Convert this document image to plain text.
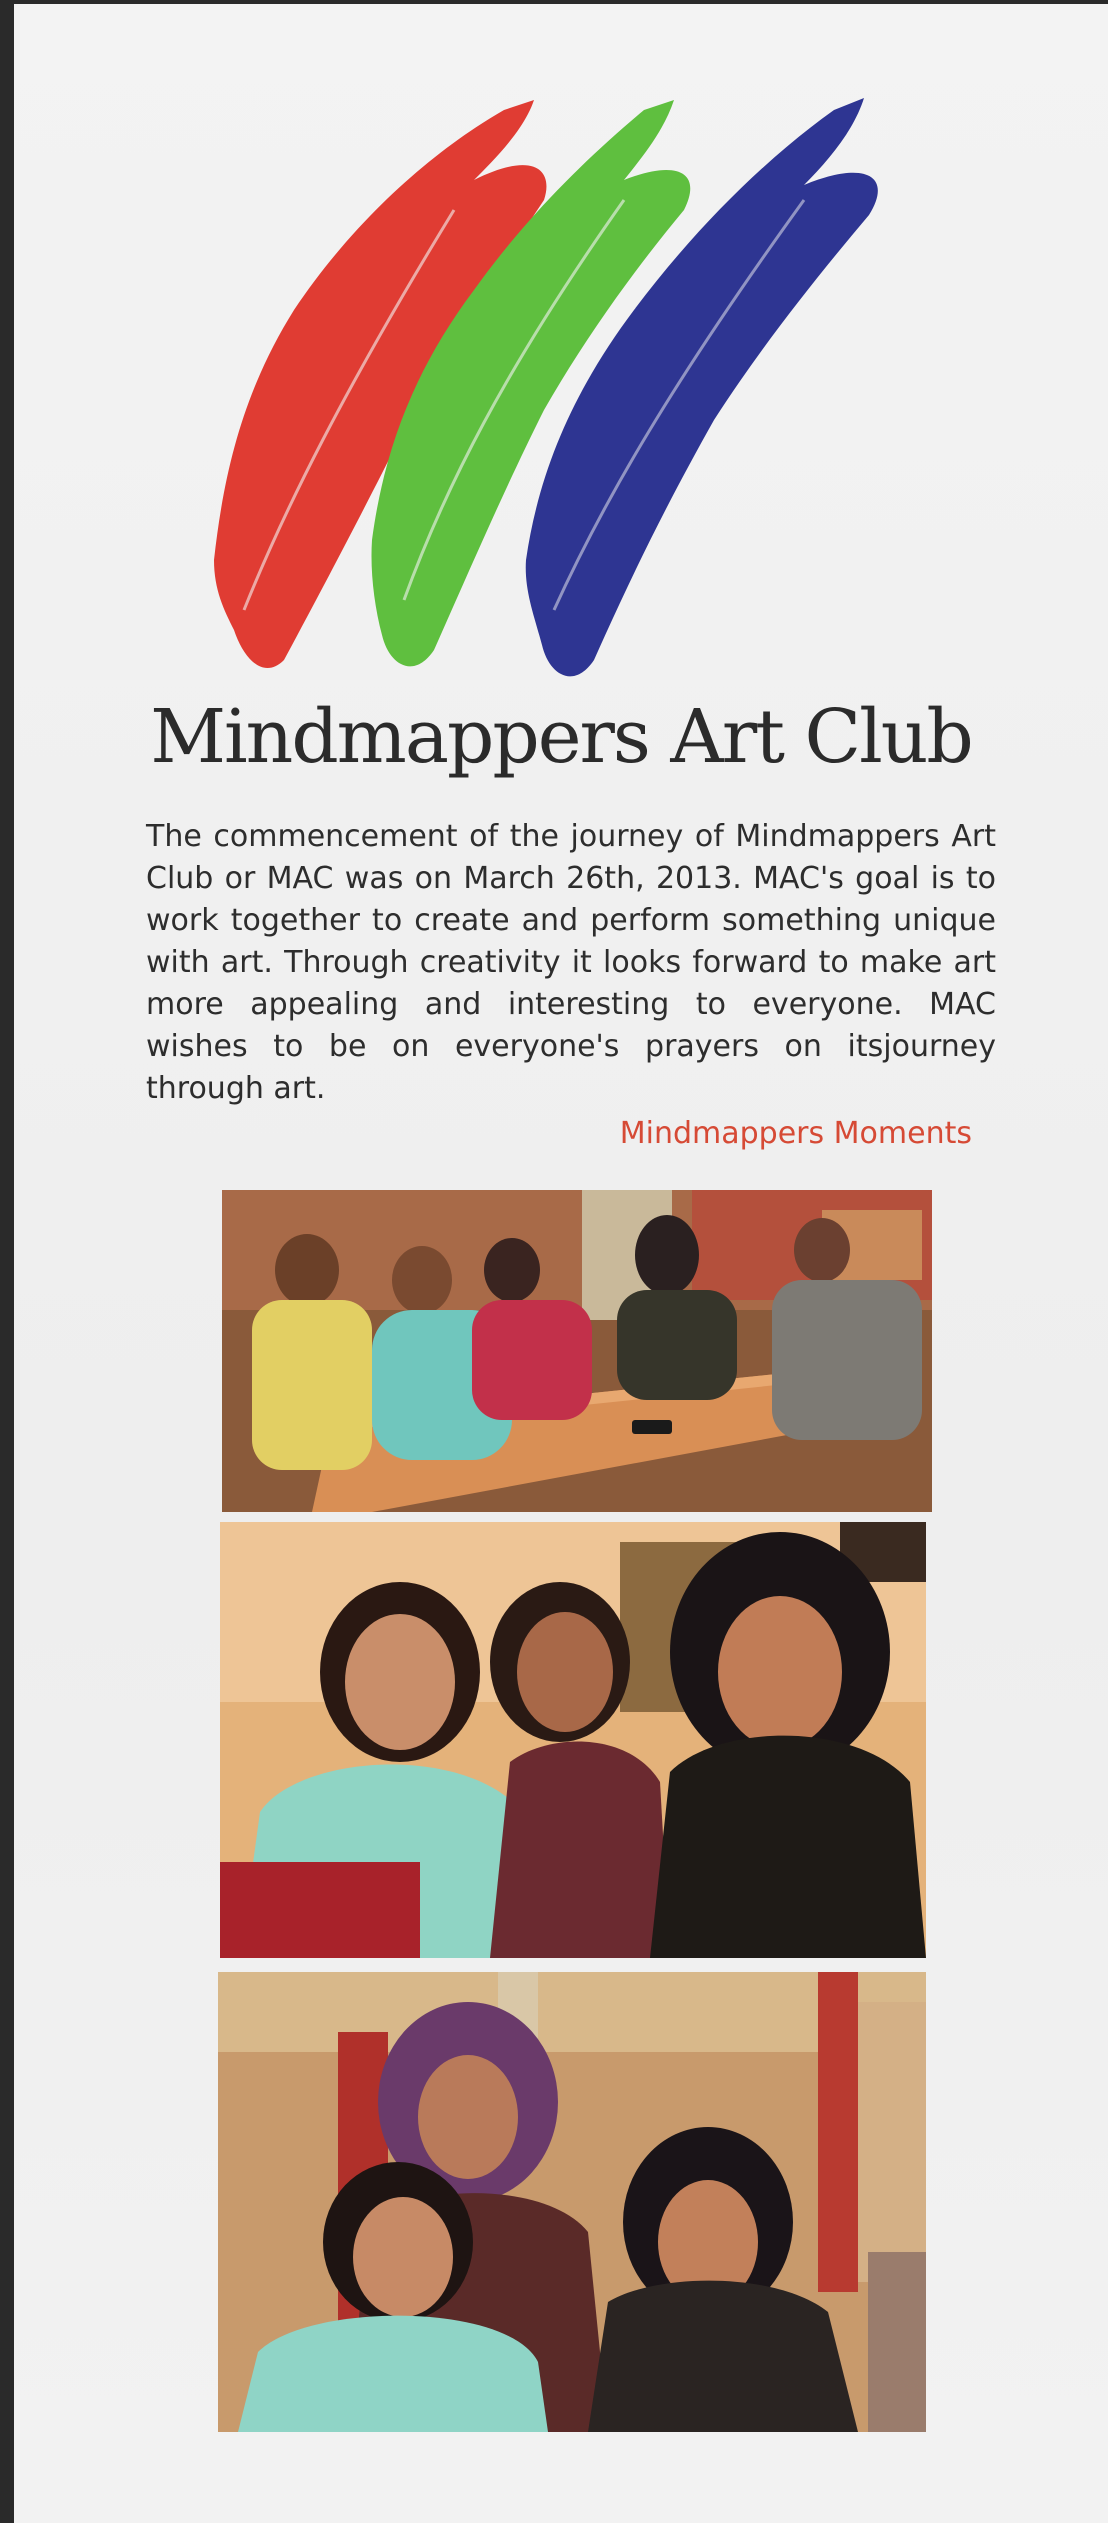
Mindmappers Art Club

The commencement of the journey of Mindmappers Art Club or MAC was on March 26th, 2013. MAC's goal is to work together to create and perform something unique with art. Through creativity it looks forward to make art more appealing and interesting to everyone. MAC wishes to be on everyone's prayers on itsjourney through art.

Mindmappers Moments
